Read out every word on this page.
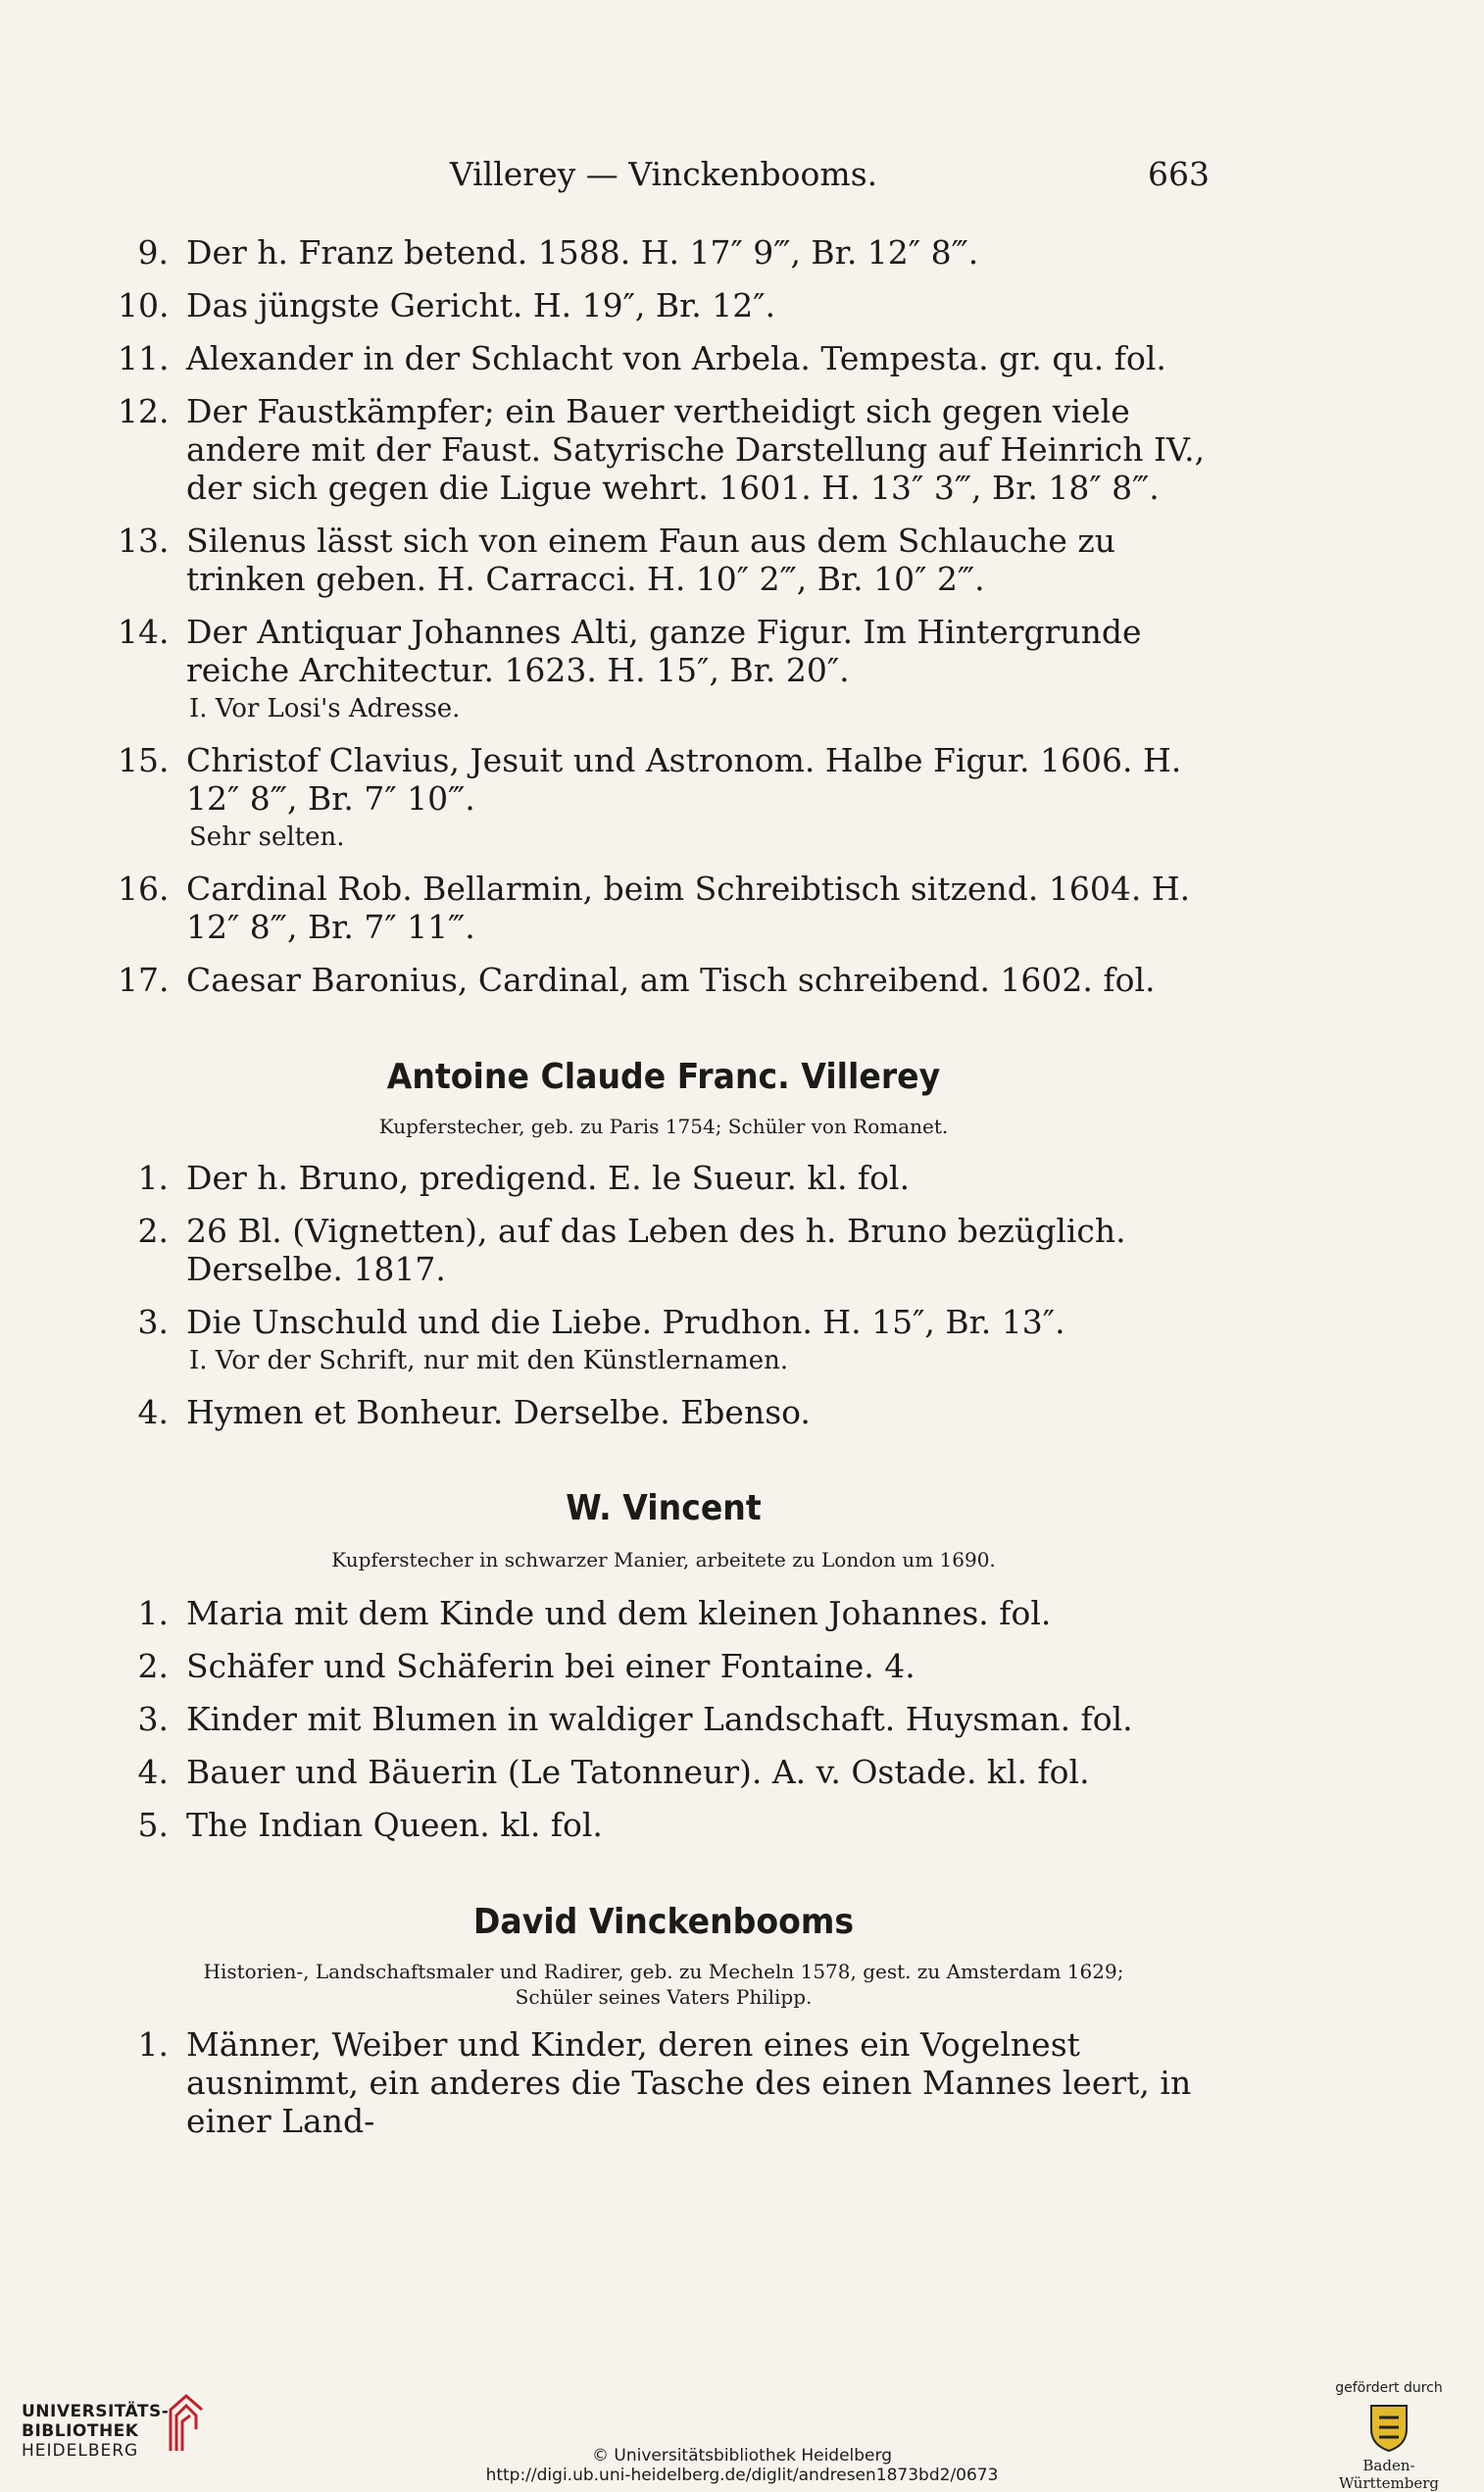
Villerey — Vinckenbooms.	663
9. Der h. Franz betend. 1588. H. 17″ 9‴, Br. 12″ 8‴.
10. Das jüngste Gericht. H. 19″, Br. 12″.
11. Alexander in der Schlacht von Arbela. Tempesta. gr. qu. fol.
12. Der Faustkämpfer; ein Bauer vertheidigt sich gegen viele andere mit der Faust. Satyrische Darstellung auf Heinrich IV., der sich gegen die Ligue wehrt. 1601. H. 13″ 3‴, Br. 18″ 8‴.
13. Silenus lässt sich von einem Faun aus dem Schlauche zu trinken geben. H. Carracci. H. 10″ 2‴, Br. 10″ 2‴.
14. Der Antiquar Johannes Alti, ganze Figur. Im Hintergrunde reiche Architectur. 1623. H. 15″, Br. 20″.
I. Vor Losi's Adresse.
15. Christof Clavius, Jesuit und Astronom. Halbe Figur. 1606. H. 12″ 8‴, Br. 7″ 10‴.
Sehr selten.
16. Cardinal Rob. Bellarmin, beim Schreibtisch sitzend. 1604. H. 12″ 8‴, Br. 7″ 11‴.
17. Caesar Baronius, Cardinal, am Tisch schreibend. 1602. fol.
Antoine Claude Franc. Villerey
Kupferstecher, geb. zu Paris 1754; Schüler von Romanet.
1. Der h. Bruno, predigend. E. le Sueur. kl. fol.
2. 26 Bl. (Vignetten), auf das Leben des h. Bruno bezüglich. Derselbe. 1817.
3. Die Unschuld und die Liebe. Prudhon. H. 15″, Br. 13″.
I. Vor der Schrift, nur mit den Künstlernamen.
4. Hymen et Bonheur. Derselbe. Ebenso.
W. Vincent
Kupferstecher in schwarzer Manier, arbeitete zu London um 1690.
1. Maria mit dem Kinde und dem kleinen Johannes. fol.
2. Schäfer und Schäferin bei einer Fontaine. 4.
3. Kinder mit Blumen in waldiger Landschaft. Huysman. fol.
4. Bauer und Bäuerin (Le Tatonneur). A. v. Ostade. kl. fol.
5. The Indian Queen. kl. fol.
David Vinckenbooms
Historien-, Landschaftsmaler und Radirer, geb. zu Mecheln 1578, gest. zu Amsterdam 1629;
Schüler seines Vaters Philipp.
1. Männer, Weiber und Kinder, deren eines ein Vogelnest ausnimmt, ein anderes die Tasche des einen Mannes leert, in einer Land-
UNIVERSITÄTS-
BIBLIOTHEK
HEIDELBERG	© Universitätsbibliothek Heidelberg
http://digi.ub.uni-heidelberg.de/diglit/andresen1873bd2/0673
gefördert durch
Baden-Württemberg
